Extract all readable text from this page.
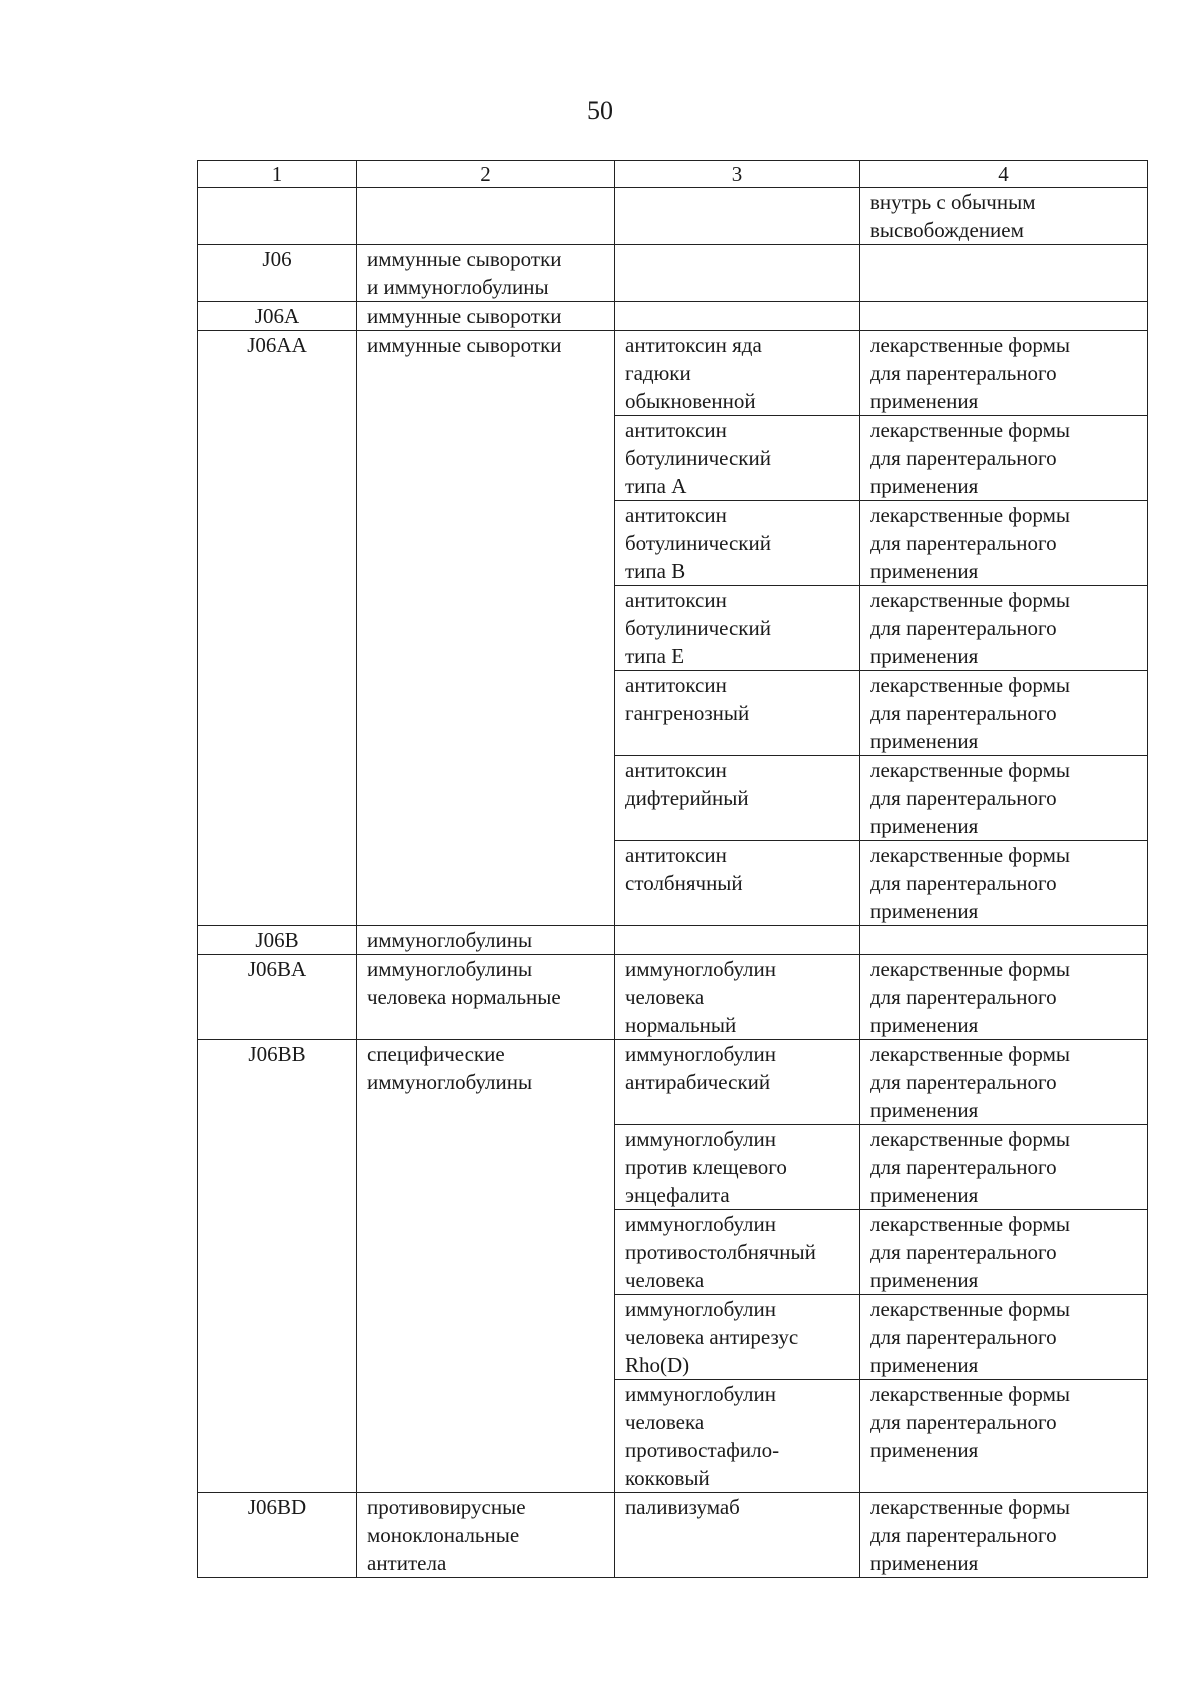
50
1	2	3	4

			внутрь с обычным
высвобождением

J06	иммунные сыворотки
и иммуноглобулины		

J06A	иммунные сыворотки		

J06AA	иммунные сыворотки	антитоксин яда
гадюки
обыкновенной	лекарственные формы
для парентерального
применения

		антитоксин
ботулинический
типа А	лекарственные формы
для парентерального
применения

		антитоксин
ботулинический
типа В	лекарственные формы
для парентерального
применения

		антитоксин
ботулинический
типа Е	лекарственные формы
для парентерального
применения

		антитоксин
гангренозный	лекарственные формы
для парентерального
применения

		антитоксин
дифтерийный	лекарственные формы
для парентерального
применения

		антитоксин
столбнячный	лекарственные формы
для парентерального
применения

J06B	иммуноглобулины		

J06BA	иммуноглобулины
человека нормальные	иммуноглобулин
человека
нормальный	лекарственные формы
для парентерального
применения

J06BB	специфические
иммуноглобулины	иммуноглобулин
антирабический	лекарственные формы
для парентерального
применения

		иммуноглобулин
против клещевого
энцефалита	лекарственные формы
для парентерального
применения

		иммуноглобулин
противостолбнячный
человека	лекарственные формы
для парентерального
применения

		иммуноглобулин
человека антирезус
Rho(D)	лекарственные формы
для парентерального
применения

		иммуноглобулин
человека
противостафило-
кокковый	лекарственные формы
для парентерального
применения

J06BD	противовирусные
моноклональные
антитела	паливизумаб	лекарственные формы
для парентерального
применения
